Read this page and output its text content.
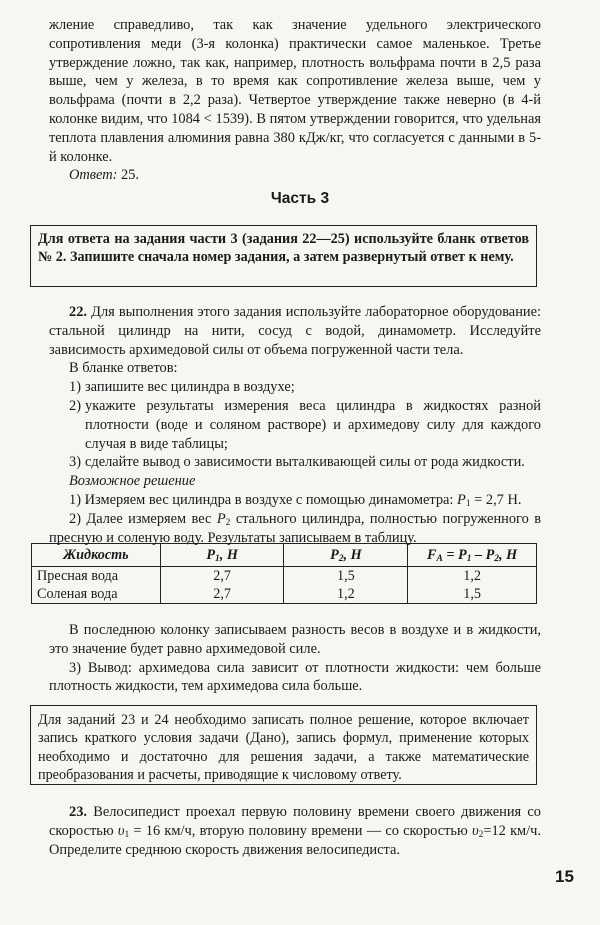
жление справедливо, так как значение удельного электрического сопротивления меди (3-я колонка) практически самое маленькое. Третье утверждение ложно, так как, например, плотность вольфрама почти в 2,5 раза выше, чем у железа, в то время как сопротивление железа выше, чем у вольфрама (почти в 2,2 раза). Четвертое утверждение также неверно (в 4-й колонке видим, что 1084 < 1539). В пятом утверждении говорится, что удельная теплота плавления алюминия равна 380 кДж/кг, что согласуется с данными в 5-й колонке.
Ответ: 25.
Часть 3
Для ответа на задания части 3 (задания 22—25) используйте бланк ответов № 2. Запишите сначала номер задания, а затем развернутый ответ к нему.
22. Для выполнения этого задания используйте лабораторное оборудование: стальной цилиндр на нити, сосуд с водой, динамометр. Исследуйте зависимость архимедовой силы от объема погруженной части тела.
В бланке ответов:
1) запишите вес цилиндра в воздухе;
2) укажите результаты измерения веса цилиндра в жидкостях разной плотности (воде и соляном растворе) и архимедову силу для каждого случая в виде таблицы;
3) сделайте вывод о зависимости выталкивающей силы от рода жидкости.
Возможное решение
1) Измеряем вес цилиндра в воздухе с помощью динамометра: $P_1 = 2,7$ Н.
2) Далее измеряем вес $P_2$ стального цилиндра, полностью погруженного в пресную и соленую воду. Результаты записываем в таблицу.
Жидкость	$P_1$, Н	$P_2$, Н	$F_A = P_1 - P_2$, Н
Пресная вода	2,7	1,5	1,2
Соленая вода	2,7	1,2	1,5
В последнюю колонку записываем разность весов в воздухе и в жидкости, это значение будет равно архимедовой силе.
3) Вывод: архимедова сила зависит от плотности жидкости: чем больше плотность жидкости, тем архимедова сила больше.
Для заданий 23 и 24 необходимо записать полное решение, которое включает запись краткого условия задачи (Дано), запись формул, применение которых необходимо и достаточно для решения задачи, а также математические преобразования и расчеты, приводящие к числовому ответу.
23. Велосипедист проехал первую половину времени своего движения со скоростью $\upsilon_1 = 16$ км/ч, вторую половину времени — со скоростью $\upsilon_2=12$ км/ч. Определите среднюю скорость движения велосипедиста.
15
